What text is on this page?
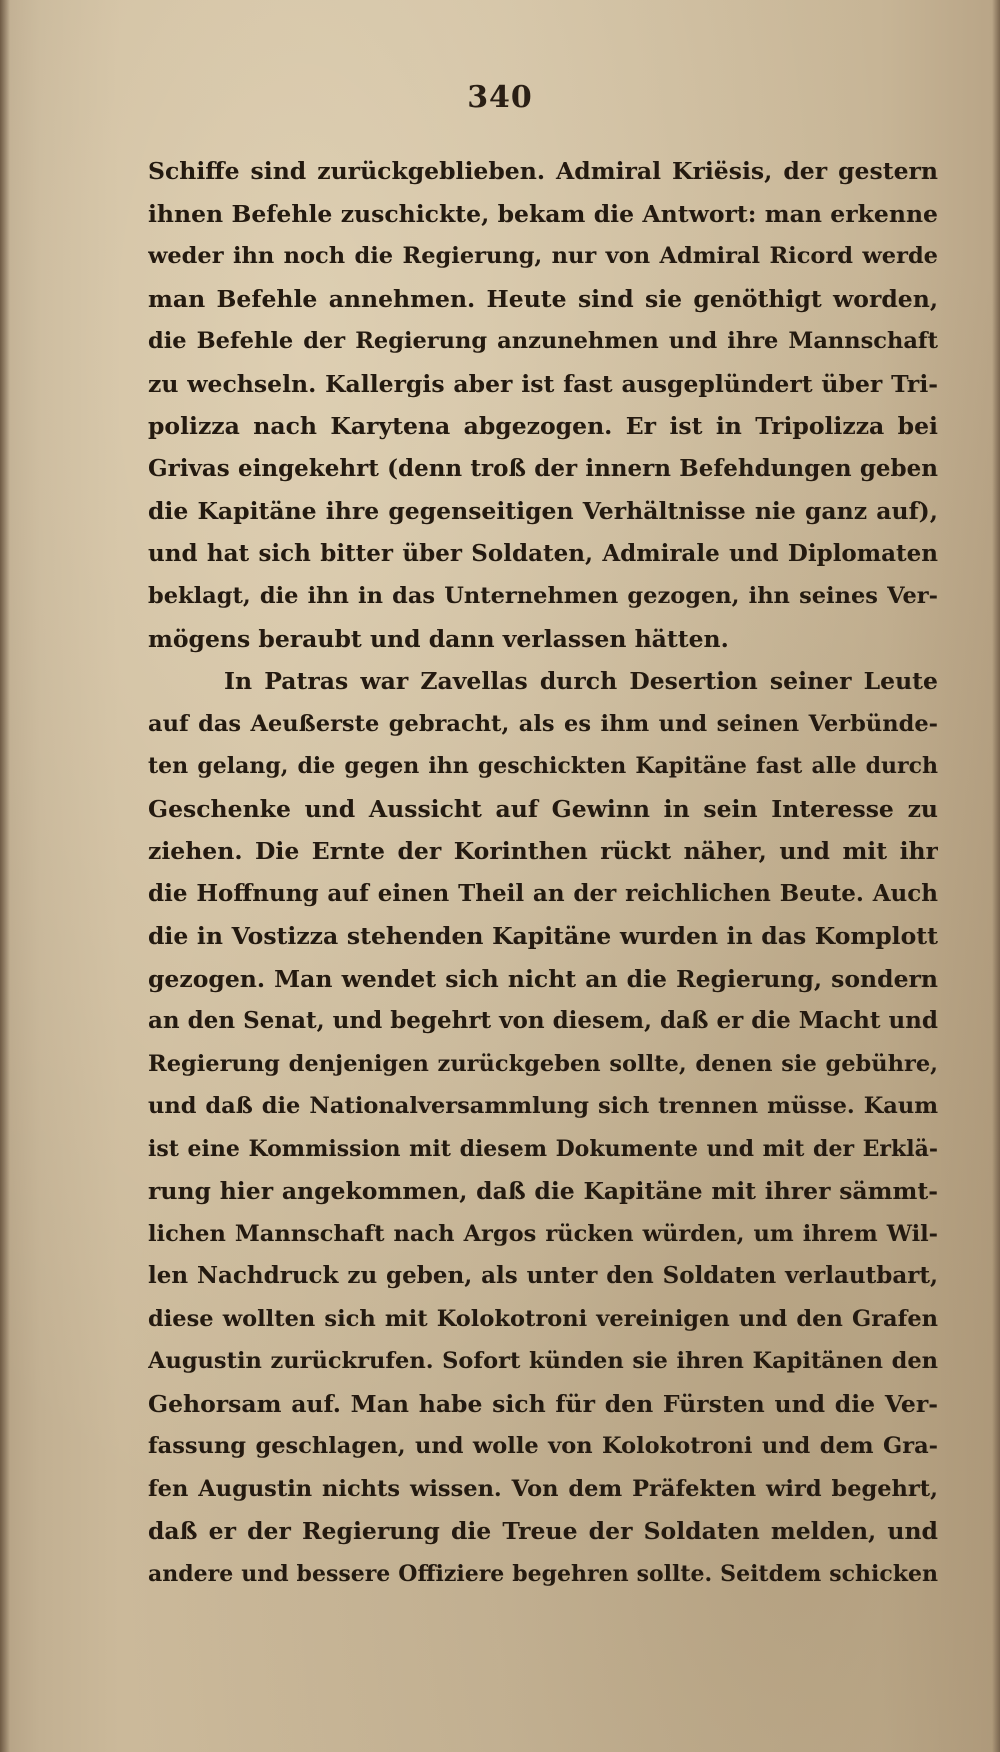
340
Schiffe sind zurückgeblieben. Admiral Kriësis, der gestern
ihnen Befehle zuschickte, bekam die Antwort: man erkenne
weder ihn noch die Regierung, nur von Admiral Ricord werde
man Befehle annehmen. Heute sind sie genöthigt worden,
die Befehle der Regierung anzunehmen und ihre Mannschaft
zu wechseln. Kallergis aber ist fast ausgeplündert über Tri-
polizza nach Karytena abgezogen. Er ist in Tripolizza bei
Grivas eingekehrt (denn troß der innern Befehdungen geben
die Kapitäne ihre gegenseitigen Verhältnisse nie ganz auf),
und hat sich bitter über Soldaten, Admirale und Diplomaten
beklagt, die ihn in das Unternehmen gezogen, ihn seines Ver-
mögens beraubt und dann verlassen hätten.
In Patras war Zavellas durch Desertion seiner Leute
auf das Aeußerste gebracht, als es ihm und seinen Verbünde-
ten gelang, die gegen ihn geschickten Kapitäne fast alle durch
Geschenke und Aussicht auf Gewinn in sein Interesse zu
ziehen. Die Ernte der Korinthen rückt näher, und mit ihr
die Hoffnung auf einen Theil an der reichlichen Beute. Auch
die in Vostizza stehenden Kapitäne wurden in das Komplott
gezogen. Man wendet sich nicht an die Regierung, sondern
an den Senat, und begehrt von diesem, daß er die Macht und
Regierung denjenigen zurückgeben sollte, denen sie gebühre,
und daß die Nationalversammlung sich trennen müsse. Kaum
ist eine Kommission mit diesem Dokumente und mit der Erklä-
rung hier angekommen, daß die Kapitäne mit ihrer sämmt-
lichen Mannschaft nach Argos rücken würden, um ihrem Wil-
len Nachdruck zu geben, als unter den Soldaten verlautbart,
diese wollten sich mit Kolokotroni vereinigen und den Grafen
Augustin zurückrufen. Sofort künden sie ihren Kapitänen den
Gehorsam auf. Man habe sich für den Fürsten und die Ver-
fassung geschlagen, und wolle von Kolokotroni und dem Gra-
fen Augustin nichts wissen. Von dem Präfekten wird begehrt,
daß er der Regierung die Treue der Soldaten melden, und
andere und bessere Offiziere begehren sollte. Seitdem schicken
